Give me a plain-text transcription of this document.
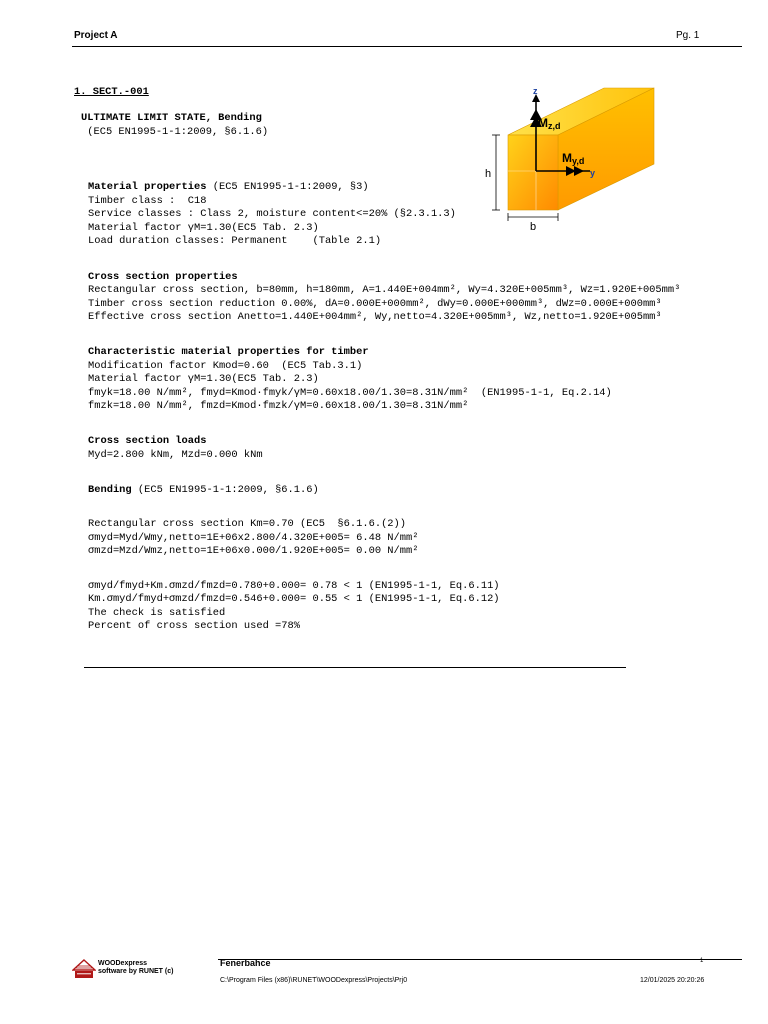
Project A	Pg. 1
1. SECT.-001
ULTIMATE LIMIT STATE, Bending
(EC5 EN1995-1-1:2009, §6.1.6)
z
Mz,d
y
My,d
h
b
Material properties (EC5 EN1995-1-1:2009, §3)
Timber class :  C18
Service classes : Class 2, moisture content<=20% (§2.3.1.3)
Material factor γM=1.30(EC5 Tab. 2.3)
Load duration classes: Permanent    (Table 2.1)
Cross section properties
Rectangular cross section, b=80mm, h=180mm, A=1.440E+004mm², Wy=4.320E+005mm³, Wz=1.920E+005mm³
Timber cross section reduction 0.00%, dA=0.000E+000mm², dWy=0.000E+000mm³, dWz=0.000E+000mm³
Effective cross section Anetto=1.440E+004mm², Wy,netto=4.320E+005mm³, Wz,netto=1.920E+005mm³
Characteristic material properties for timber
Modification factor Kmod=0.60  (EC5 Tab.3.1)
Material factor γM=1.30(EC5 Tab. 2.3)
fmyk=18.00 N/mm², fmyd=Kmod·fmyk/γM=0.60x18.00/1.30=8.31N/mm²  (EN1995-1-1, Eq.2.14)
fmzk=18.00 N/mm², fmzd=Kmod·fmzk/γM=0.60x18.00/1.30=8.31N/mm²
Cross section loads
Myd=2.800 kNm, Mzd=0.000 kNm
Bending (EC5 EN1995-1-1:2009, §6.1.6)
Rectangular cross section Km=0.70 (EC5  §6.1.6.(2))
σmyd=Myd/Wmy,netto=1E+06x2.800/4.320E+005= 6.48 N/mm²
σmzd=Mzd/Wmz,netto=1E+06x0.000/1.920E+005= 0.00 N/mm²
σmyd/fmyd+Km.σmzd/fmzd=0.780+0.000= 0.78 < 1 (EN1995-1-1, Eq.6.11)
Km.σmyd/fmyd+σmzd/fmzd=0.546+0.000= 0.55 < 1 (EN1995-1-1, Eq.6.12)
The check is satisfied
Percent of cross section used =78%
WOODexpress
software by RUNET (c)
Fenerbahce	1
C:\Program Files (x86)\RUNET\WOODexpress\Projects\Prj0	12/01/2025 20:20:26
